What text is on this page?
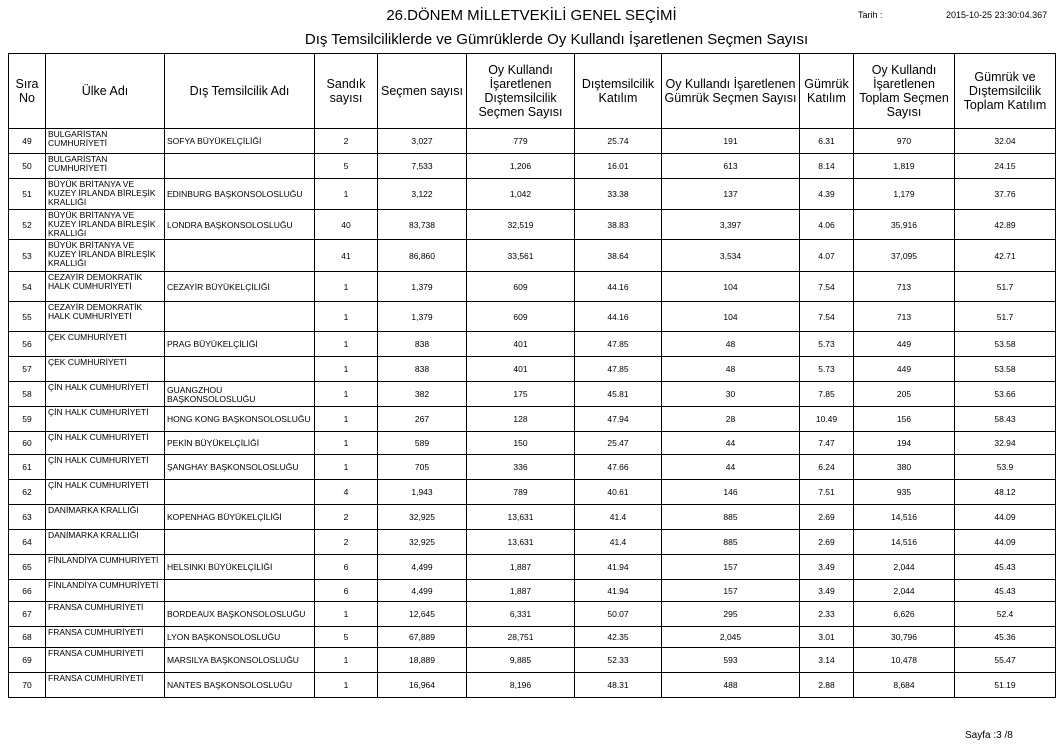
26.DÖNEM MİLLETVEKİLİ GENEL SEÇİMİ	Tarih :	2015-10-25 23:30:04.367
Dış Temsilciliklerde ve Gümrüklerde Oy Kullandı İşaretlenen Seçmen Sayısı
Sıra No	Ülke Adı	Dış Temsilcilik Adı	Sandık sayısı	Seçmen sayısı	Oy Kullandı İşaretlenen Dıştemsilcilik Seçmen Sayısı	Dıştemsilcilik Katılım	Oy Kullandı İşaretlenen Gümrük Seçmen Sayısı	Gümrük Katılım	Oy Kullandı İşaretlenen Toplam Seçmen Sayısı	Gümrük ve Dıştemsilcilik Toplam Katılım
49	BULGARİSTAN CUMHURİYETİ	SOFYA BÜYÜKELÇİLİĞİ	2	3,027	779	25.74	191	6.31	970	32.04
50	BULGARİSTAN CUMHURİYETİ		5	7,533	1,206	16.01	613	8.14	1,819	24.15
51	BÜYÜK BRİTANYA VE KUZEY İRLANDA BİRLEŞİK KRALLIĞI	EDINBURG BAŞKONSOLOSLUĞU	1	3,122	1,042	33.38	137	4.39	1,179	37.76
52	BÜYÜK BRİTANYA VE KUZEY İRLANDA BİRLEŞİK KRALLIĞI	LONDRA BAŞKONSOLOSLUĞU	40	83,738	32,519	38.83	3,397	4.06	35,916	42.89
53	BÜYÜK BRİTANYA VE KUZEY İRLANDA BİRLEŞİK KRALLIĞI		41	86,860	33,561	38.64	3,534	4.07	37,095	42.71
54	CEZAYİR DEMOKRATİK HALK CUMHURİYETİ	CEZAYİR BÜYÜKELÇİLİĞİ	1	1,379	609	44.16	104	7.54	713	51.7
55	CEZAYİR DEMOKRATİK HALK CUMHURİYETİ		1	1,379	609	44.16	104	7.54	713	51.7
56	ÇEK CUMHURİYETİ	PRAG BÜYÜKELÇİLİĞİ	1	838	401	47.85	48	5.73	449	53.58
57	ÇEK CUMHURİYETİ		1	838	401	47.85	48	5.73	449	53.58
58	ÇİN HALK CUMHURİYETİ	GUANGZHOU BAŞKONSOLOSLUĞU	1	382	175	45.81	30	7.85	205	53.66
59	ÇİN HALK CUMHURİYETİ	HONG KONG BAŞKONSOLOSLUĞU	1	267	128	47.94	28	10.49	156	58.43
60	ÇİN HALK CUMHURİYETİ	PEKİN BÜYÜKELÇİLİĞİ	1	589	150	25.47	44	7.47	194	32.94
61	ÇİN HALK CUMHURİYETİ	ŞANGHAY BAŞKONSOLOSLUĞU	1	705	336	47.66	44	6.24	380	53.9
62	ÇİN HALK CUMHURİYETİ		4	1,943	789	40.61	146	7.51	935	48.12
63	DANİMARKA KRALLIĞI	KOPENHAG BÜYÜKELÇİLİĞİ	2	32,925	13,631	41.4	885	2.69	14,516	44.09
64	DANİMARKA KRALLIĞI		2	32,925	13,631	41.4	885	2.69	14,516	44.09
65	FİNLANDİYA CUMHURİYETİ	HELSINKI BÜYÜKELÇİLİĞİ	6	4,499	1,887	41.94	157	3.49	2,044	45.43
66	FİNLANDİYA CUMHURİYETİ		6	4,499	1,887	41.94	157	3.49	2,044	45.43
67	FRANSA CUMHURİYETİ	BORDEAUX BAŞKONSOLOSLUĞU	1	12,645	6,331	50.07	295	2.33	6,626	52.4
68	FRANSA CUMHURİYETİ	LYON BAŞKONSOLOSLUĞU	5	67,889	28,751	42.35	2,045	3.01	30,796	45.36
69	FRANSA CUMHURİYETİ	MARSILYA BAŞKONSOLOSLUĞU	1	18,889	9,885	52.33	593	3.14	10,478	55.47
70	FRANSA CUMHURİYETİ	NANTES BAŞKONSOLOSLUĞU	1	16,964	8,196	48.31	488	2.88	8,684	51.19
Sayfa :3 /8
